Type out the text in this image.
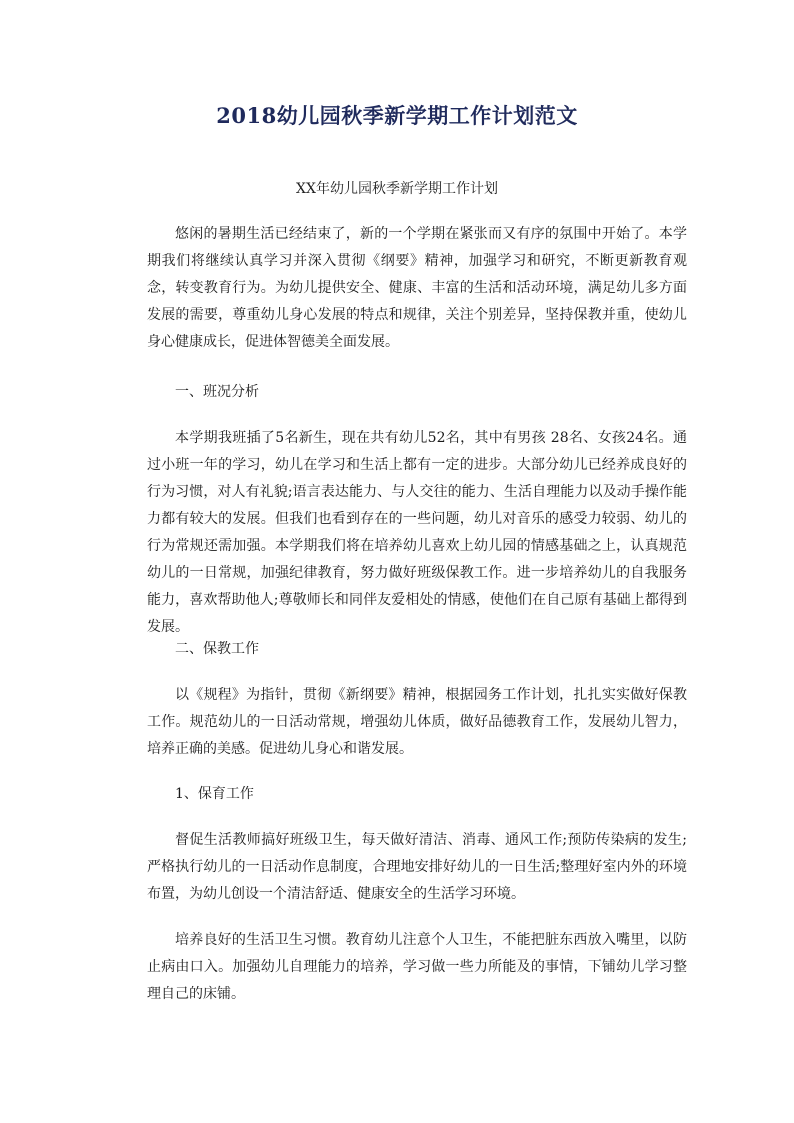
2018幼儿园秋季新学期工作计划范文
XX年幼儿园秋季新学期工作计划

悠闲的暑期生活已经结束了，新的一个学期在紧张而又有序的氛围中开始了。本学期我们将继续认真学习并深入贯彻《纲要》精神，加强学习和研究，不断更新教育观念，转变教育行为。为幼儿提供安全、健康、丰富的生活和活动环境，满足幼儿多方面发展的需要，尊重幼儿身心发展的特点和规律，关注个别差异，坚持保教并重，使幼儿身心健康成长，促进体智德美全面发展。

一、班况分析

本学期我班插了5名新生，现在共有幼儿52名，其中有男孩 28名、女孩24名。通过小班一年的学习，幼儿在学习和生活上都有一定的进步。大部分幼儿已经养成良好的行为习惯，对人有礼貌;语言表达能力、与人交往的能力、生活自理能力以及动手操作能力都有较大的发展。但我们也看到存在的一些问题，幼儿对音乐的感受力较弱、幼儿的行为常规还需加强。本学期我们将在培养幼儿喜欢上幼儿园的情感基础之上，认真规范幼儿的一日常规，加强纪律教育，努力做好班级保教工作。进一步培养幼儿的自我服务能力，喜欢帮助他人;尊敬师长和同伴友爱相处的情感，使他们在自己原有基础上都得到发展。

二、保教工作

以《规程》为指针，贯彻《新纲要》精神，根据园务工作计划，扎扎实实做好保教工作。规范幼儿的一日活动常规，增强幼儿体质，做好品德教育工作，发展幼儿智力，培养正确的美感。促进幼儿身心和谐发展。

1、保育工作

督促生活教师搞好班级卫生，每天做好清洁、消毒、通风工作;预防传染病的发生;严格执行幼儿的一日活动作息制度，合理地安排好幼儿的一日生活;整理好室内外的环境布置，为幼儿创设一个清洁舒适、健康安全的生活学习环境。

培养良好的生活卫生习惯。教育幼儿注意个人卫生，不能把脏东西放入嘴里，以防止病由口入。加强幼儿自理能力的培养，学习做一些力所能及的事情，下铺幼儿学习整理自己的床铺。
